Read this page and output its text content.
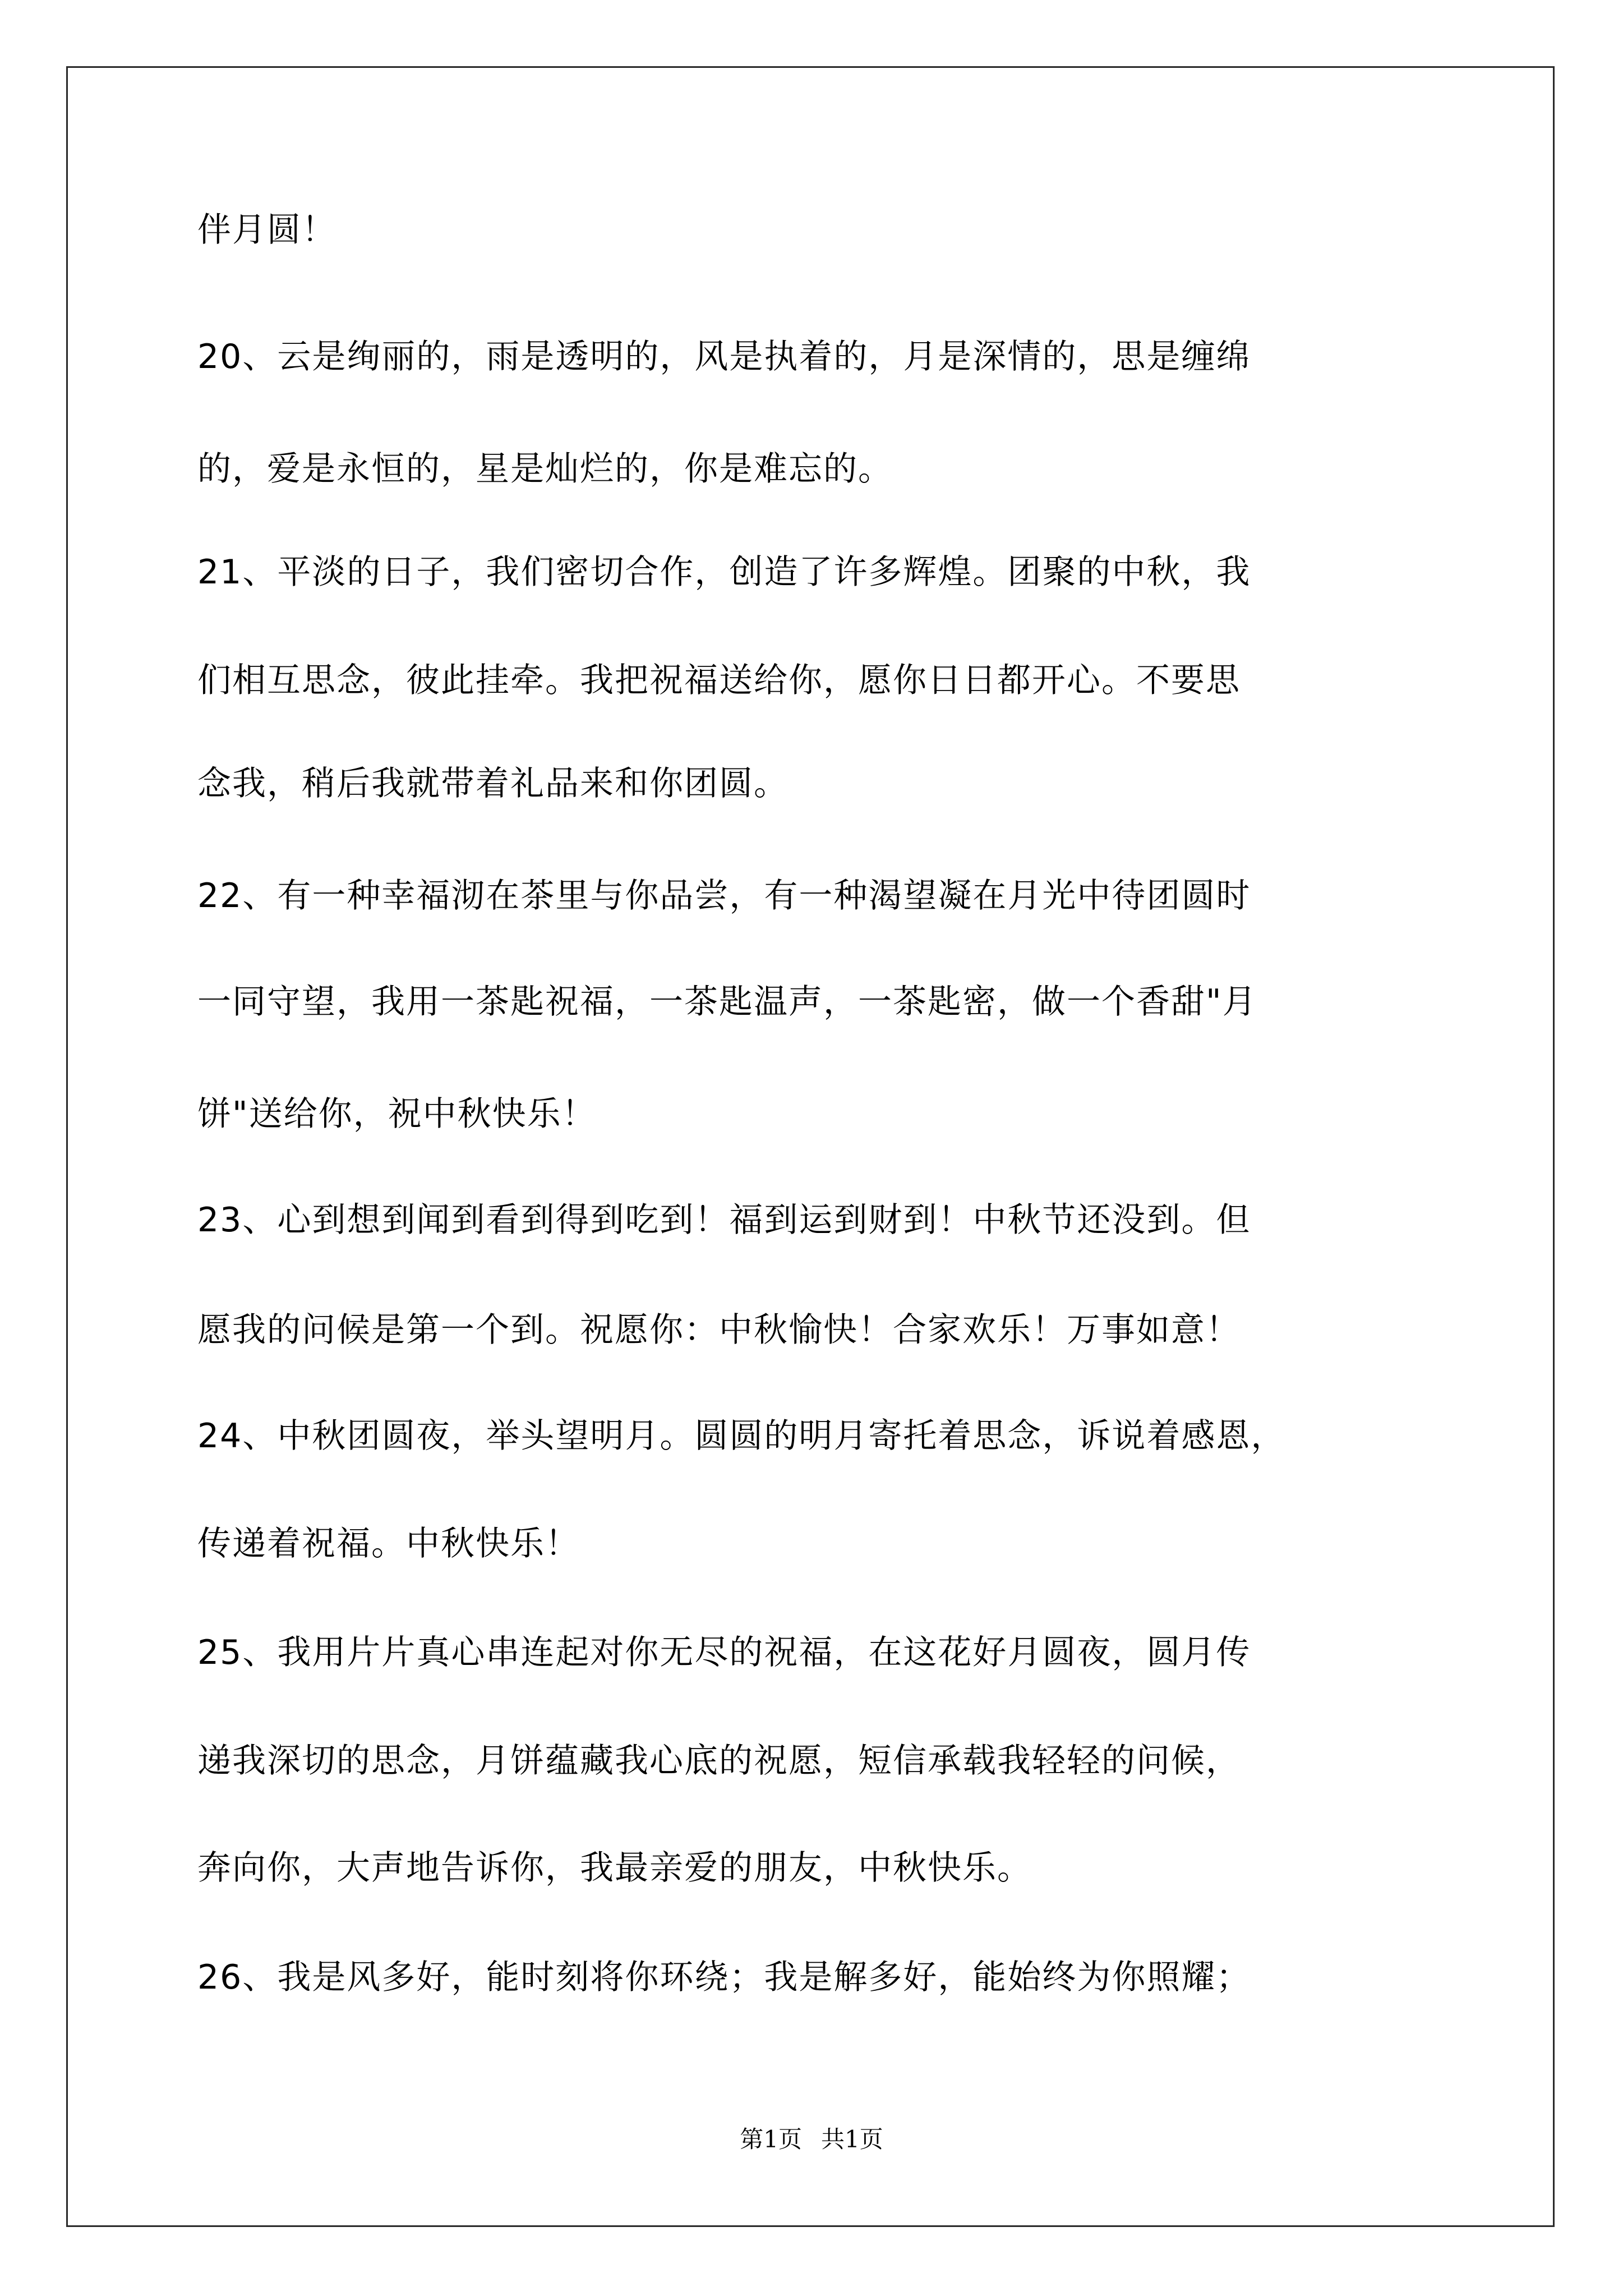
伴月圆！
20、云是绚丽的，雨是透明的，风是执着的，月是深情的，思是缠绵
的，爱是永恒的，星是灿烂的，你是难忘的。
21、平淡的日子，我们密切合作，创造了许多辉煌。团聚的中秋，我
们相互思念，彼此挂牵。我把祝福送给你，愿你日日都开心。不要思
念我，稍后我就带着礼品来和你团圆。
22、有一种幸福沏在茶里与你品尝，有一种渴望凝在月光中待团圆时
一同守望，我用一茶匙祝福，一茶匙温声，一茶匙密，做一个香甜"月
饼"送给你，祝中秋快乐！
23、心到想到闻到看到得到吃到！福到运到财到！中秋节还没到。但
愿我的问候是第一个到。祝愿你：中秋愉快！合家欢乐！万事如意！
24、中秋团圆夜，举头望明月。圆圆的明月寄托着思念，诉说着感恩，
传递着祝福。中秋快乐！
25、我用片片真心串连起对你无尽的祝福，在这花好月圆夜，圆月传
递我深切的思念，月饼蕴藏我心底的祝愿，短信承载我轻轻的问候，
奔向你，大声地告诉你，我最亲爱的朋友，中秋快乐。
26、我是风多好，能时刻将你环绕；我是解多好，能始终为你照耀；
第1页 共1页
